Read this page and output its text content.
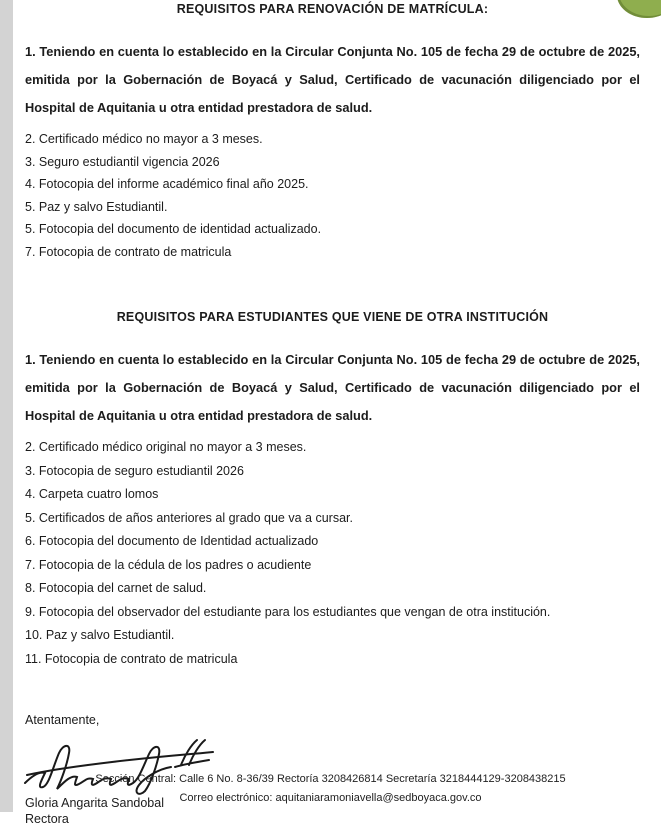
REQUISITOS PARA RENOVACIÓN DE MATRÍCULA:

1. Teniendo en cuenta lo establecido en la Circular Conjunta No. 105 de fecha 29 de octubre de 2025, emitida por la Gobernación de Boyacá y Salud, Certificado de vacunación diligenciado por el Hospital de Aquitania u otra entidad prestadora de salud.

2. Certificado médico no mayor a 3 meses.
3. Seguro estudiantil vigencia 2026
4. Fotocopia del informe académico final año 2025.
5. Paz y salvo Estudiantil.
5. Fotocopia del documento de identidad actualizado.
7. Fotocopia de contrato de matricula
REQUISITOS PARA ESTUDIANTES QUE VIENE DE OTRA INSTITUCIÓN

1. Teniendo en cuenta lo establecido en la Circular Conjunta No. 105 de fecha 29 de octubre de 2025, emitida por la Gobernación de Boyacá y Salud, Certificado de vacunación diligenciado por el Hospital de Aquitania u otra entidad prestadora de salud.

2. Certificado médico original no mayor a 3 meses.
3. Fotocopia de seguro estudiantil 2026
4. Carpeta cuatro lomos
5. Certificados de años anteriores al grado que va a cursar.
6. Fotocopia del documento de Identidad actualizado
7. Fotocopia de la cédula de los padres o acudiente
8. Fotocopia del carnet de salud.
9. Fotocopia del observador del estudiante para los estudiantes que vengan de otra institución.
10. Paz y salvo Estudiantil.
11. Fotocopia de contrato de matricula
Atentamente,
Gloria Angarita Sandobal
Rectora
Sección Central: Calle 6 No. 8-36/39 Rectoría 3208426814 Secretaría 3218444129-3208438215
Correo electrónico: aquitaniaramoniavella@sedboyaca.gov.co
